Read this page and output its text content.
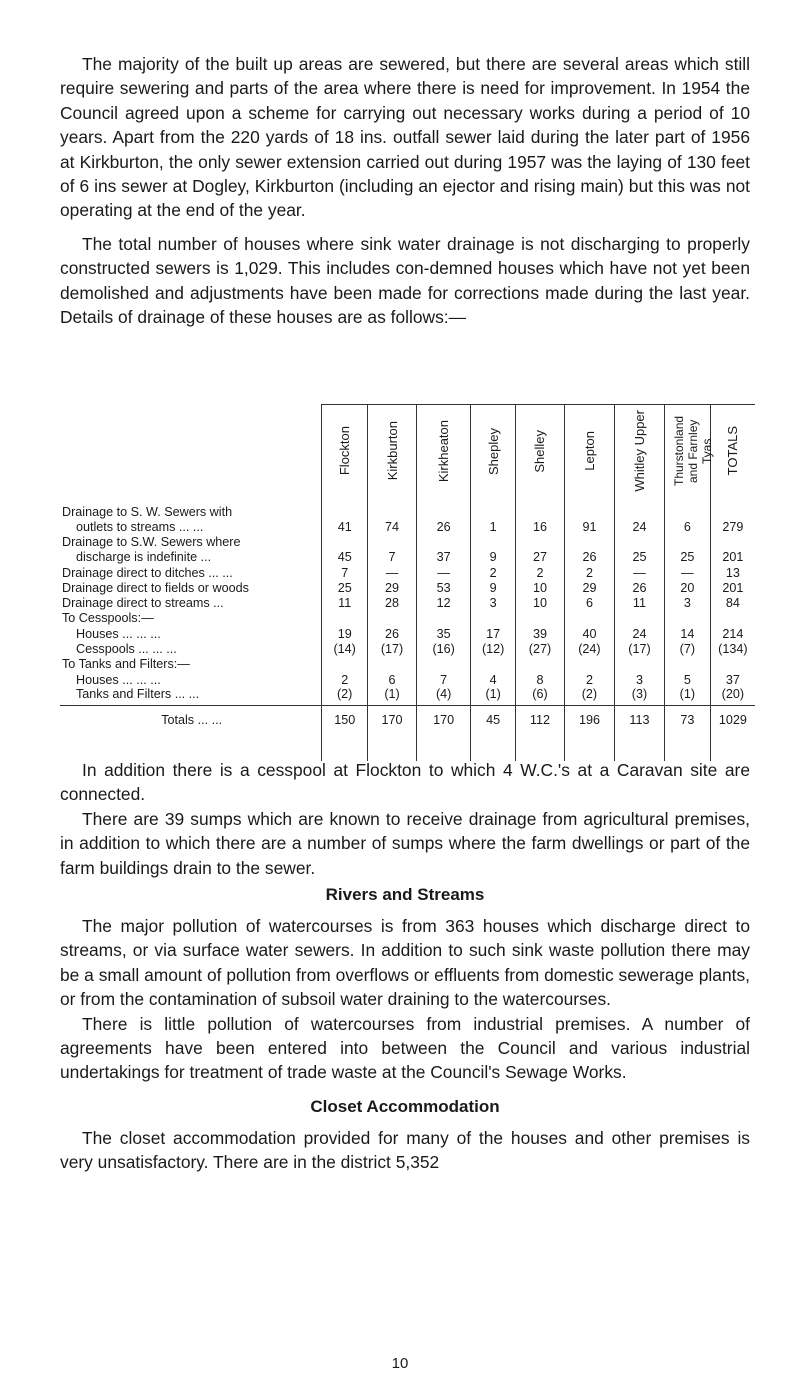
The majority of the built up areas are sewered, but there are several areas which still require sewering and parts of the area where there is need for improvement. In 1954 the Council agreed upon a scheme for carrying out necessary works during a period of 10 years. Apart from the 220 yards of 18 ins. outfall sewer laid during the later part of 1956 at Kirkburton, the only sewer extension carried out during 1957 was the laying of 130 feet of 6 ins sewer at Dogley, Kirkburton (including an ejector and rising main) but this was not operating at the end of the year.

The total number of houses where sink water drainage is not discharging to properly constructed sewers is 1,029. This includes con-demned houses which have not yet been demolished and adjustments have been made for corrections made during the last year. Details of drainage of these houses are as follows:—

	Flockton	Kirkburton	Kirkheaton	Shepley	Shelley	Lepton	Whitley Upper	Thurstonland and Farnley Tyas	TOTALS

Drainage to S. W. Sewers with									
outlets to streams ... ...	41	74	26	1	16	91	24	6	279
Drainage to S.W. Sewers where									
discharge is indefinite ...	45	7	37	9	27	26	25	25	201
Drainage direct to ditches ... ...	7	—	—	2	2	2	—	—	13
Drainage direct to fields or woods	25	29	53	9	10	29	26	20	201
Drainage direct to streams ...	11	28	12	3	10	6	11	3	84
To Cesspools:—									
Houses ... ... ...	19	26	35	17	39	40	24	14	214
Cesspools ... ... ...	(14)	(17)	(16)	(12)	(27)	(24)	(17)	(7)	(134)
To Tanks and Filters:—									
Houses ... ... ...	2	6	7	4	8	2	3	5	37
Tanks and Filters ... ...	(2)	(1)	(4)	(1)	(6)	(2)	(3)	(1)	(20)
Totals ... ...	150	170	170	45	112	196	113	73	1029

In addition there is a cesspool at Flockton to which 4 W.C.'s at a Caravan site are connected.

There are 39 sumps which are known to receive drainage from agricultural premises, in addition to which there are a number of sumps where the farm dwellings or part of the farm buildings drain to the sewer.

Rivers and Streams

The major pollution of watercourses is from 363 houses which discharge direct to streams, or via surface water sewers. In addition to such sink waste pollution there may be a small amount of pollution from overflows or effluents from domestic sewerage plants, or from the contamination of subsoil water draining to the watercourses.

There is little pollution of watercourses from industrial premises. A number of agreements have been entered into between the Council and various industrial undertakings for treatment of trade waste at the Council's Sewage Works.

Closet Accommodation

The closet accommodation provided for many of the houses and other premises is very unsatisfactory. There are in the district 5,352

10
